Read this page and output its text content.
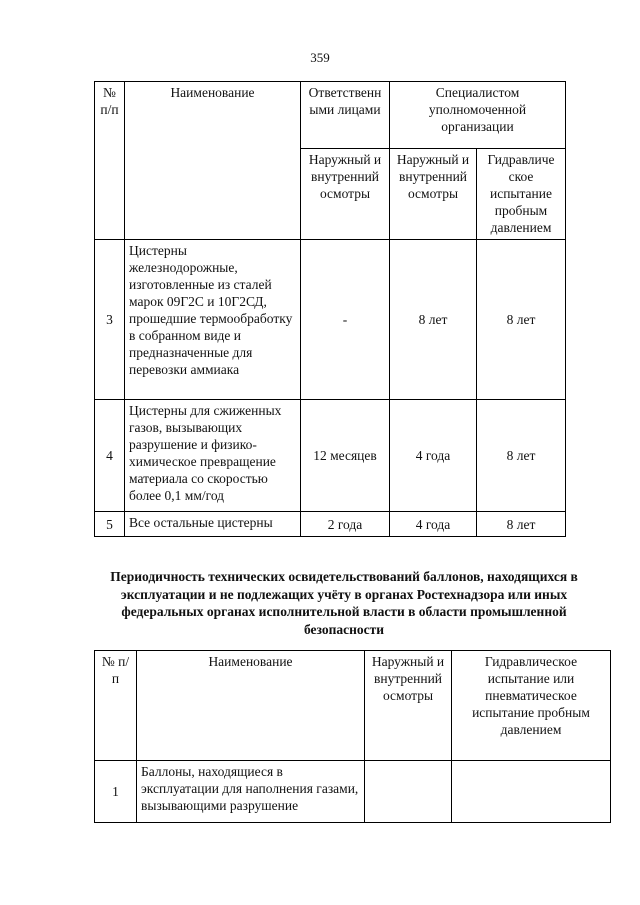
359
№ п/п	Наименование	Ответственн ыми лицами	Специалистом уполномоченной организации	
		Наружный и внутренний осмотры	Наружный и внутренний осмотры	Гидравличе ское испытание пробным давлением
3	Цистерны железнодорожные, изготовленные из сталей марок 09Г2С и 10Г2СД, прошедшие термообработку в собранном виде и предназначенные для перевозки аммиака	-	8 лет	8 лет
4	Цистерны для сжиженных газов, вызывающих разрушение и физико-химическое превращение материала со скоростью более 0,1 мм/год	12 месяцев	4 года	8 лет
5	Все остальные цистерны	2 года	4 года	8 лет
Периодичность технических освидетельствований баллонов, находящихся в эксплуатации и не подлежащих учёту в органах Ростехнадзора или иных федеральных органах исполнительной власти в области промышленной безопасности
№ п/п	Наименование	Наружный и внутренний осмотры	Гидравлическое испытание или пневматическое испытание пробным давлением
1	Баллоны, находящиеся в эксплуатации для наполнения газами, вызывающими разрушение		
